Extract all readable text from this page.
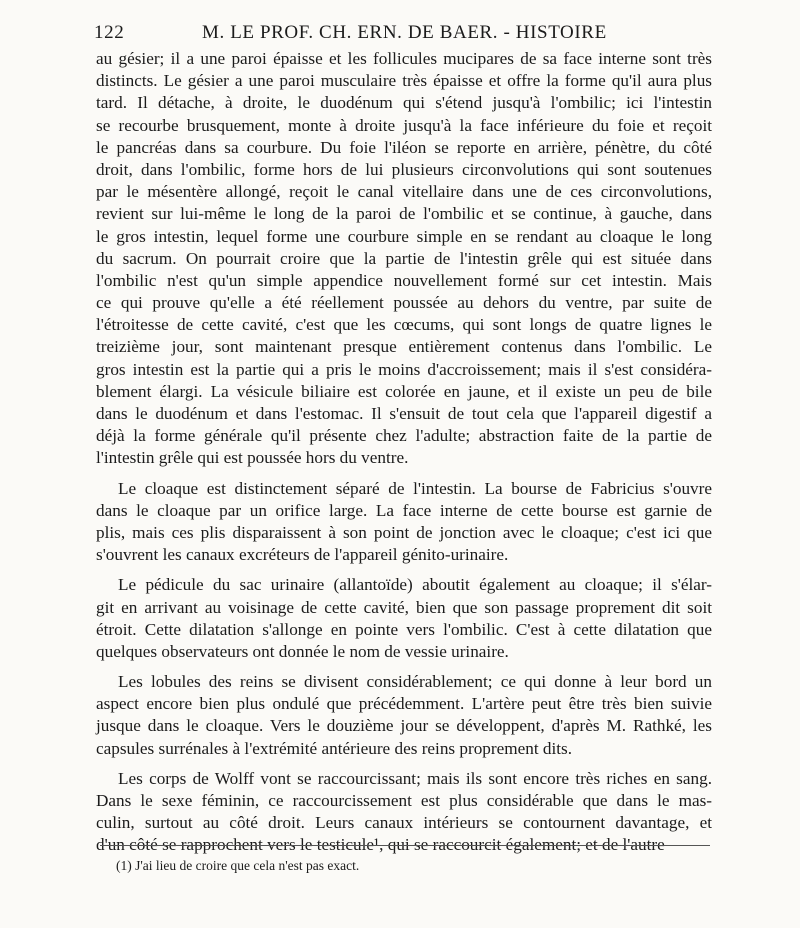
122	M. LE PROF. CH. ERN. DE BAER. - HISTOIRE
au gésier; il a une paroi épaisse et les follicules mucipares de sa face interne sont très
distincts. Le gésier a une paroi musculaire très épaisse et offre la forme qu'il aura plus
tard. Il détache, à droite, le duodénum qui s'étend jusqu'à l'ombilic; ici l'intestin
se recourbe brusquement, monte à droite jusqu'à la face inférieure du foie et reçoit
le pancréas dans sa courbure. Du foie l'iléon se reporte en arrière, pénètre, du côté
droit, dans l'ombilic, forme hors de lui plusieurs circonvolutions qui sont soutenues
par le mésentère allongé, reçoit le canal vitellaire dans une de ces circonvolutions,
revient sur lui-même le long de la paroi de l'ombilic et se continue, à gauche, dans
le gros intestin, lequel forme une courbure simple en se rendant au cloaque le long
du sacrum. On pourrait croire que la partie de l'intestin grêle qui est située dans
l'ombilic n'est qu'un simple appendice nouvellement formé sur cet intestin. Mais
ce qui prouve qu'elle a été réellement poussée au dehors du ventre, par suite de
l'étroitesse de cette cavité, c'est que les cœcums, qui sont longs de quatre lignes le
treizième jour, sont maintenant presque entièrement contenus dans l'ombilic. Le
gros intestin est la partie qui a pris le moins d'accroissement; mais il s'est considéra-
blement élargi. La vésicule biliaire est colorée en jaune, et il existe un peu de bile
dans le duodénum et dans l'estomac. Il s'ensuit de tout cela que l'appareil digestif a
déjà la forme générale qu'il présente chez l'adulte; abstraction faite de la partie de
l'intestin grêle qui est poussée hors du ventre.
Le cloaque est distinctement séparé de l'intestin. La bourse de Fabricius s'ouvre
dans le cloaque par un orifice large. La face interne de cette bourse est garnie de
plis, mais ces plis disparaissent à son point de jonction avec le cloaque; c'est ici que
s'ouvrent les canaux excréteurs de l'appareil génito-urinaire.
Le pédicule du sac urinaire (allantoïde) aboutit également au cloaque; il s'élar-
git en arrivant au voisinage de cette cavité, bien que son passage proprement dit soit
étroit. Cette dilatation s'allonge en pointe vers l'ombilic. C'est à cette dilatation que
quelques observateurs ont donnée le nom de vessie urinaire.
Les lobules des reins se divisent considérablement; ce qui donne à leur bord un
aspect encore bien plus ondulé que précédemment. L'artère peut être très bien suivie
jusque dans le cloaque. Vers le douzième jour se développent, d'après M. Rathké, les
capsules surrénales à l'extrémité antérieure des reins proprement dits.
Les corps de Wolff vont se raccourcissant; mais ils sont encore très riches en sang.
Dans le sexe féminin, ce raccourcissement est plus considérable que dans le mas-
culin, surtout au côté droit. Leurs canaux intérieurs se contournent davantage, et
d'un côté se rapprochent vers le testicule¹, qui se raccourcit également; et de l'autre
(1) J'ai lieu de croire que cela n'est pas exact.
